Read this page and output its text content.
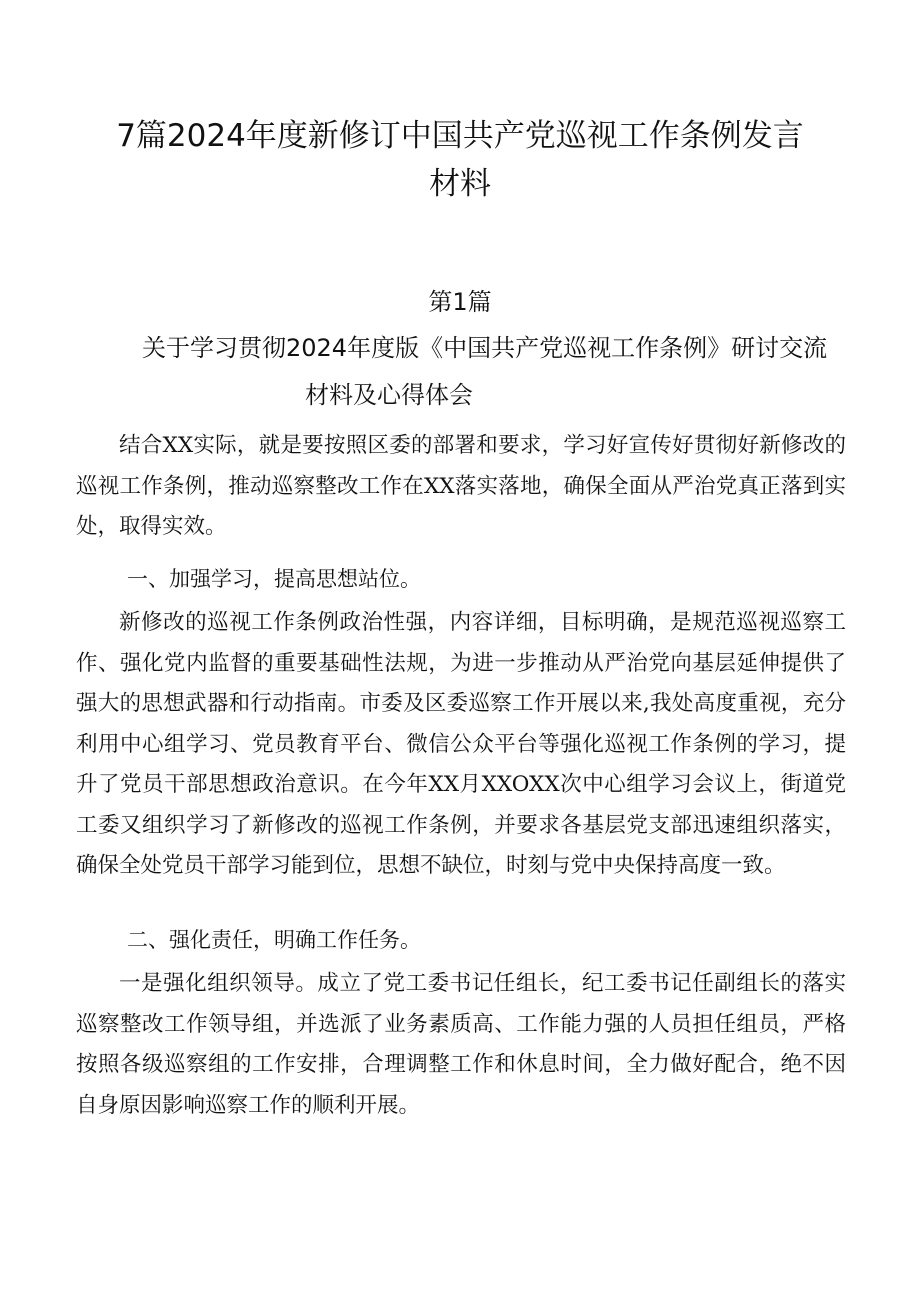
7篇2024年度新修订中国共产党巡视工作条例发言
材料
第1篇
关于学习贯彻2024年度版《中国共产党巡视工作条例》研讨交流
材料及心得体会

结合XX实际，就是要按照区委的部署和要求，学习好宣传好贯彻好新修改的巡视工作条例，推动巡察整改工作在XX落实落地，确保全面从严治党真正落到实处，取得实效。

一、加强学习，提高思想站位。

新修改的巡视工作条例政治性强，内容详细，目标明确，是规范巡视巡察工作、强化党内监督的重要基础性法规，为进一步推动从严治党向基层延伸提供了强大的思想武器和行动指南。市委及区委巡察工作开展以来,我处高度重视，充分利用中心组学习、党员教育平台、微信公众平台等强化巡视工作条例的学习，提升了党员干部思想政治意识。在今年XX月XXOXX次中心组学习会议上，街道党工委又组织学习了新修改的巡视工作条例，并要求各基层党支部迅速组织落实，确保全处党员干部学习能到位，思想不缺位，时刻与党中央保持高度一致。

二、强化责任，明确工作任务。

一是强化组织领导。成立了党工委书记任组长，纪工委书记任副组长的落实巡察整改工作领导组，并选派了业务素质高、工作能力强的人员担任组员，严格按照各级巡察组的工作安排，合理调整工作和休息时间，全力做好配合，绝不因自身原因影响巡察工作的顺利开展。
